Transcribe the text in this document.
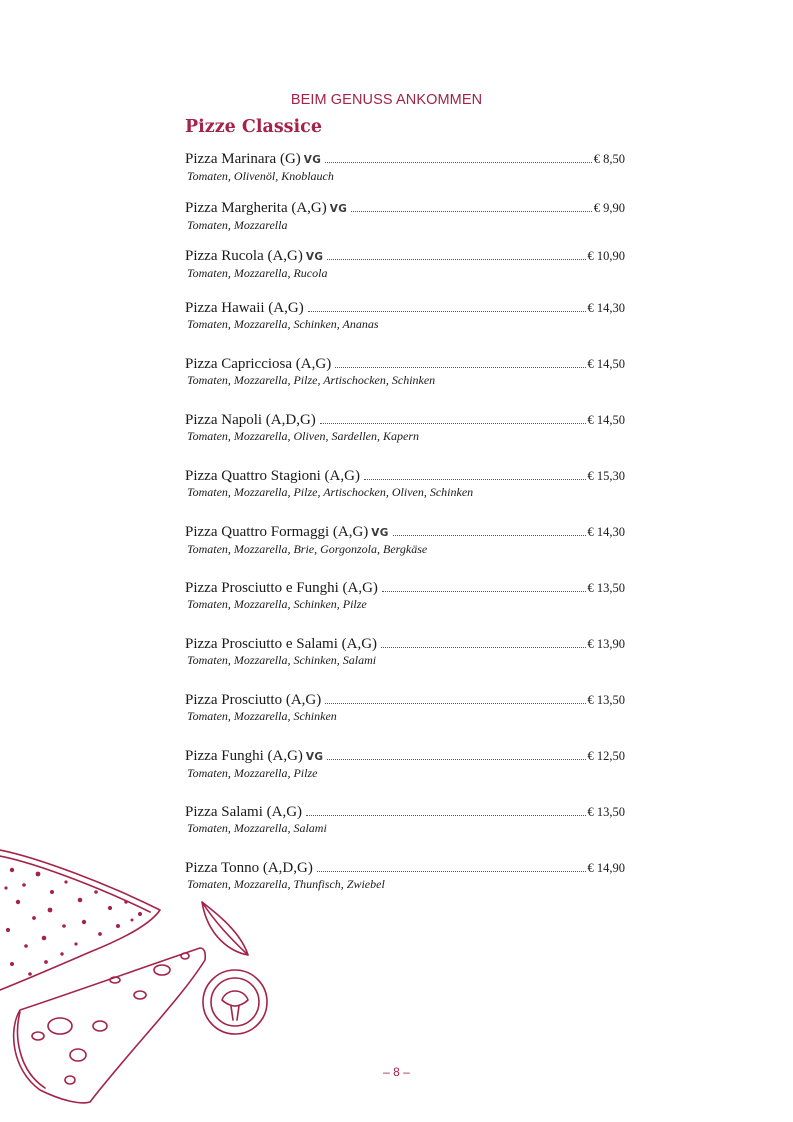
BEIM GENUSS ANKOMMEN
Pizze Classice
Pizza Marinara (G) VG	€ 8,50
Tomaten, Olivenöl, Knoblauch
Pizza Margherita (A,G) VG	€ 9,90
Tomaten, Mozzarella
Pizza Rucola (A,G) VG	€ 10,90
Tomaten, Mozzarella, Rucola
Pizza Hawaii (A,G)	€ 14,30
Tomaten, Mozzarella, Schinken, Ananas
Pizza Capricciosa (A,G)	€ 14,50
Tomaten, Mozzarella, Pilze, Artischocken, Schinken
Pizza Napoli (A,D,G)	€ 14,50
Tomaten, Mozzarella, Oliven, Sardellen, Kapern
Pizza Quattro Stagioni (A,G)	€ 15,30
Tomaten, Mozzarella, Pilze, Artischocken, Oliven, Schinken
Pizza Quattro Formaggi (A,G) VG	€ 14,30
Tomaten, Mozzarella, Brie, Gorgonzola, Bergkäse
Pizza Prosciutto e Funghi (A,G)	€ 13,50
Tomaten, Mozzarella, Schinken, Pilze
Pizza Prosciutto e Salami (A,G)	€ 13,90
Tomaten, Mozzarella, Schinken, Salami
Pizza Prosciutto (A,G)	€ 13,50
Tomaten, Mozzarella, Schinken
Pizza Funghi (A,G) VG	€ 12,50
Tomaten, Mozzarella, Pilze
Pizza Salami (A,G)	€ 13,50
Tomaten, Mozzarella, Salami
Pizza Tonno (A,D,G)	€ 14,90
Tomaten, Mozzarella, Thunfisch, Zwiebel
– 8 –
